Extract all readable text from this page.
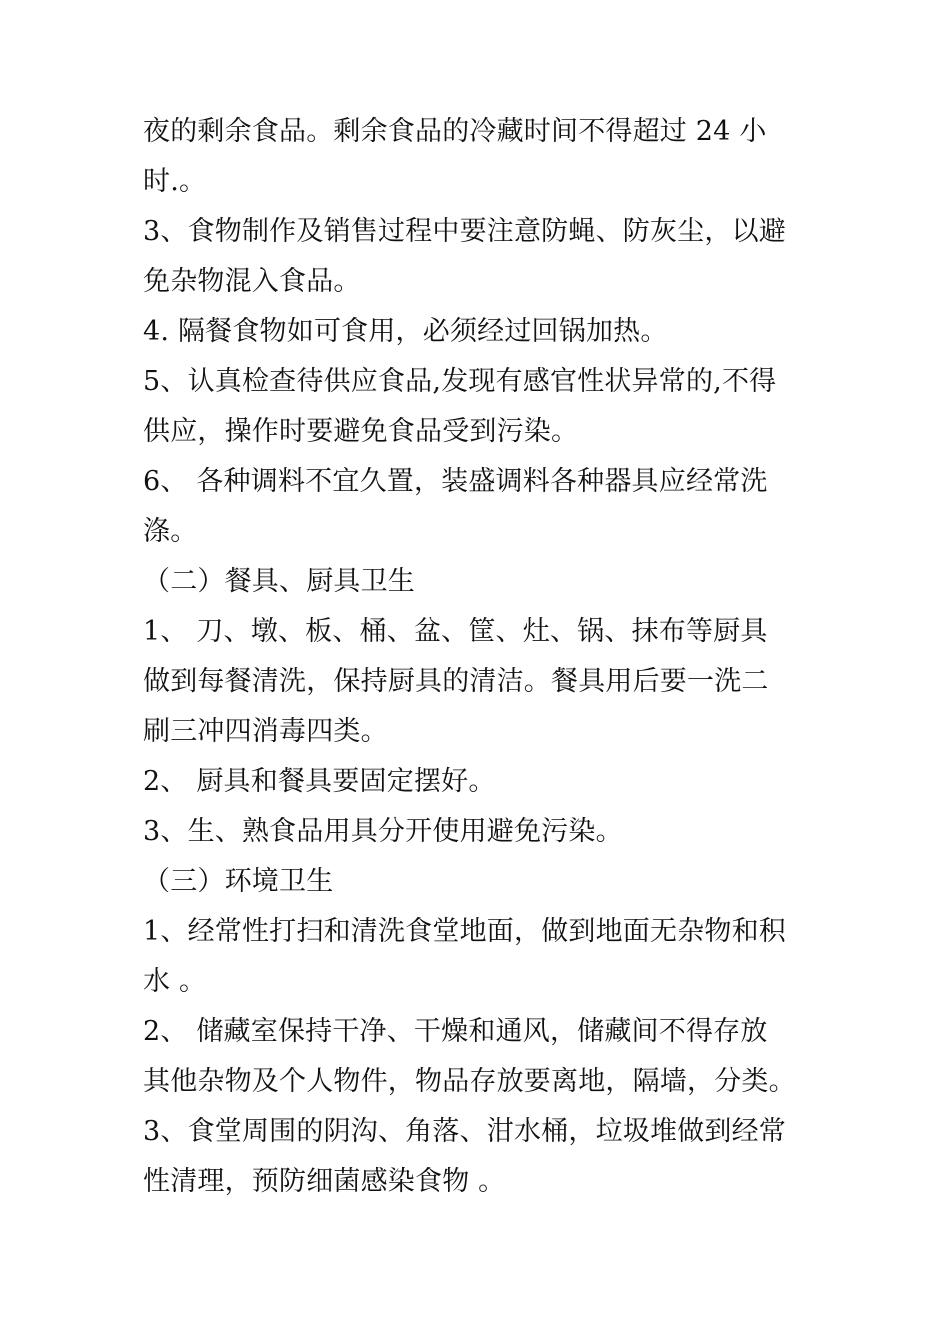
夜的剩余食品。剩余食品的冷藏时间不得超过 24 小
时.。
3、食物制作及销售过程中要注意防蝇、防灰尘，以避
免杂物混入食品。
4. 隔餐食物如可食用，必须经过回锅加热。
5、认真检查待供应食品,发现有感官性状异常的,不得
供应，操作时要避免食品受到污染。
6、 各种调料不宜久置，装盛调料各种器具应经常洗
涤。
（二）餐具、厨具卫生
1、 刀、墩、板、桶、盆、筐、灶、锅、抹布等厨具
做到每餐清洗，保持厨具的清洁。餐具用后要一洗二
刷三冲四消毒四类。
2、 厨具和餐具要固定摆好。
3、生、熟食品用具分开使用避免污染。
（三）环境卫生
1、经常性打扫和清洗食堂地面，做到地面无杂物和积
水 。
2、 储藏室保持干净、干燥和通风，储藏间不得存放
其他杂物及个人物件，物品存放要离地，隔墙，分类。
3、食堂周围的阴沟、角落、泔水桶，垃圾堆做到经常
性清理，预防细菌感染食物 。
